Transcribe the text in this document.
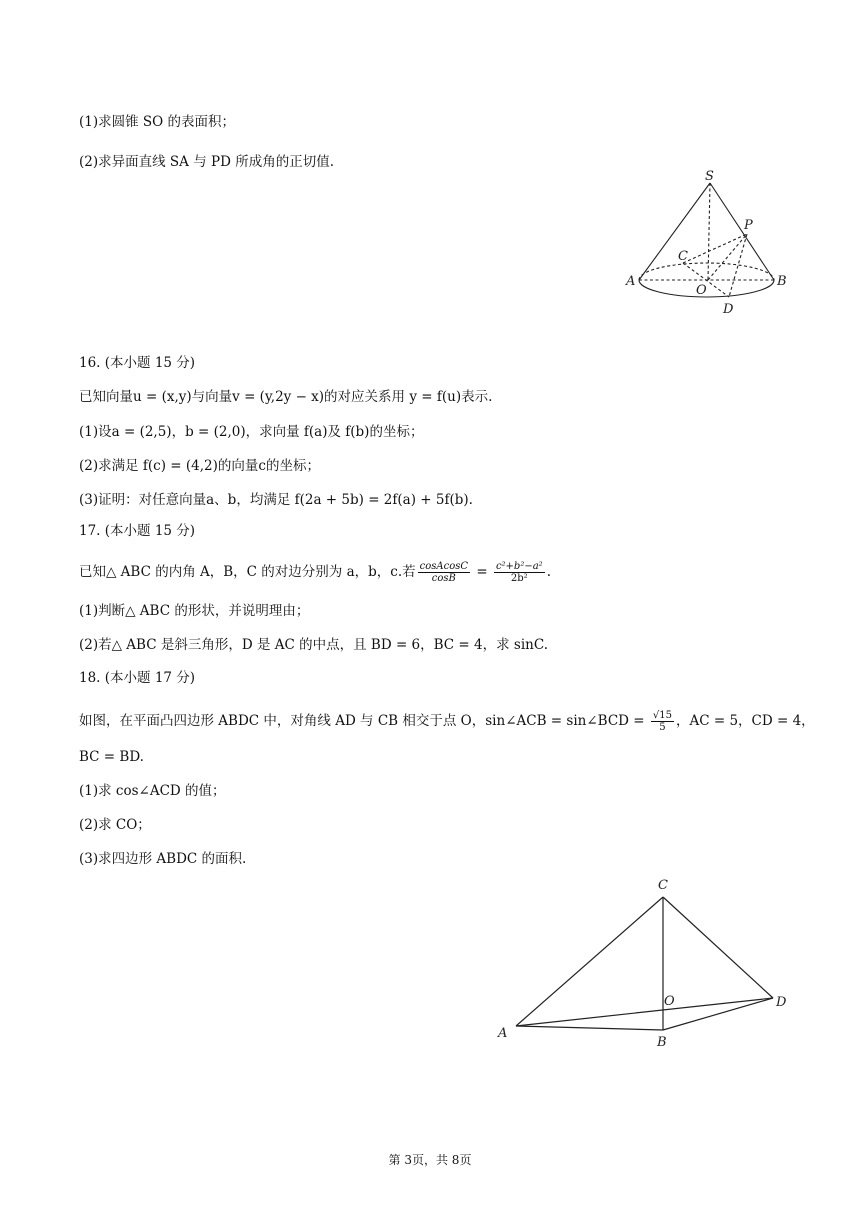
(1)求圆锥 SO 的表面积；
(2)求异面直线 SA 与 PD 所成角的正切值.
S
P
C
O
A	B
D
16. (本小题 15 分)
已知向量u = (x,y)与向量v = (y,2y − x)的对应关系用 y = f(u)表示.
(1)设a = (2,5)，b = (2,0)，求向量 f(a)及 f(b)的坐标；
(2)求满足 f(c) = (4,2)的向量c的坐标；
(3)证明：对任意向量a、b，均满足 f(2a + 5b) = 2f(a) + 5f(b).
17. (本小题 15 分)
已知△ ABC 的内角 A，B，C 的对边分别为 a，b，c.若 $\frac{\text{cosAcosC}}{\cos B} = \frac{\text{c²+b²−a²}}{\text{2b²}}$ .
(1)判断△ ABC 的形状，并说明理由；
(2)若△ ABC 是斜三角形，D 是 AC 的中点，且 BD = 6，BC = 4，求 sinC.
18. (本小题 17 分)
如图，在平面凸四边形 ABDC 中，对角线 AD 与 CB 相交于点 O，sin∠ACB = sin∠BCD = $\frac{√15}{5}$ ，AC = 5，CD = 4，
BC = BD.
(1)求 cos∠ACD 的值；
(2)求 CO；
(3)求四边形 ABDC 的面积.
C
O	D
A
B
第 3页，共 8页
